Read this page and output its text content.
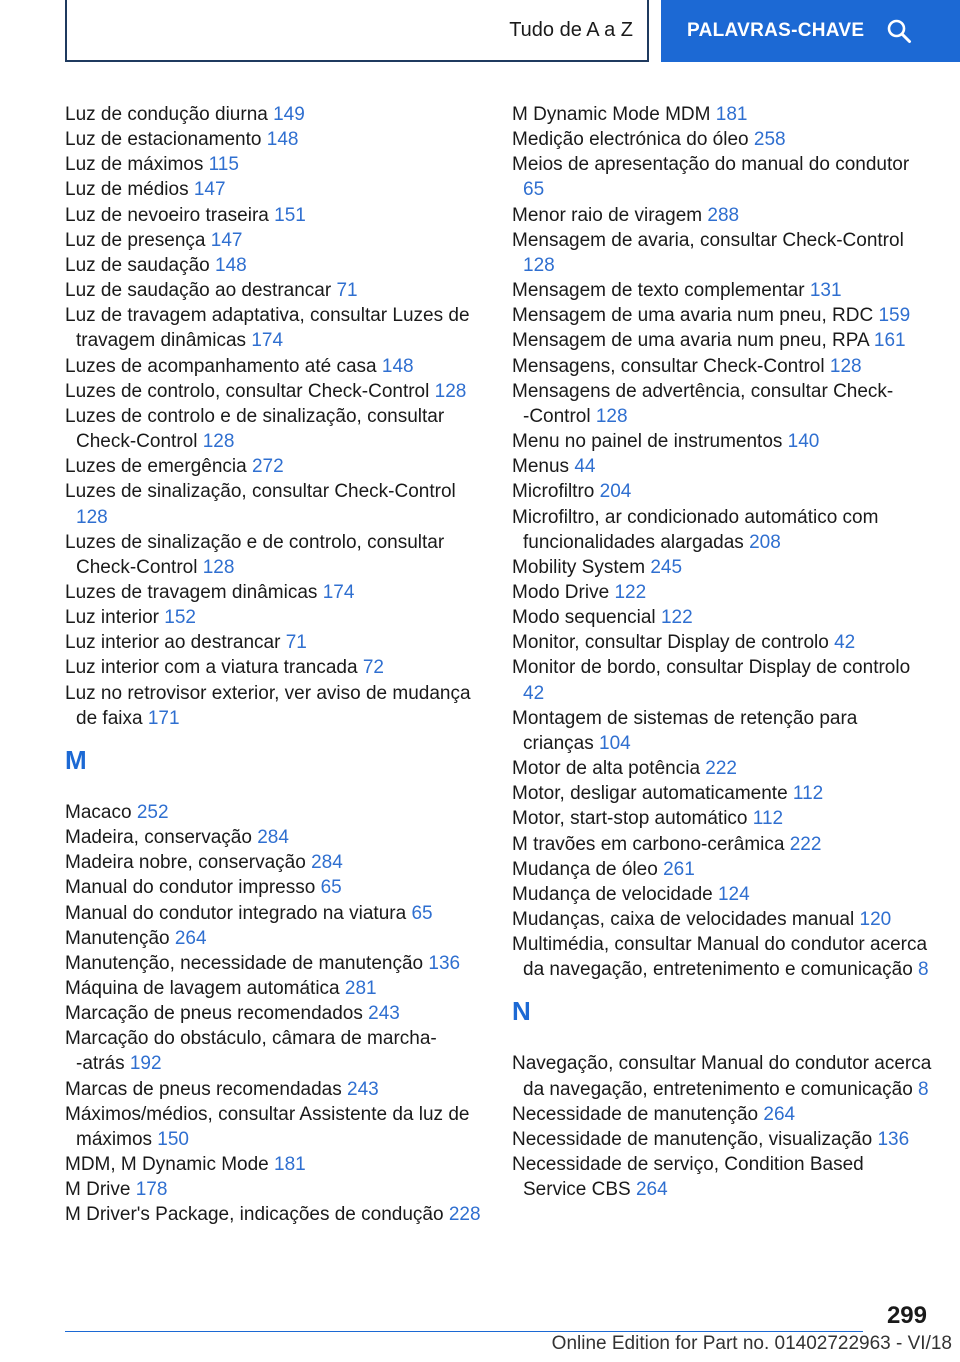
Tudo de A a Z	PALAVRAS-CHAVE
Luz de condução diurna 149
Luz de estacionamento 148
Luz de máximos 115
Luz de médios 147
Luz de nevoeiro traseira 151
Luz de presença 147
Luz de saudação 148
Luz de saudação ao destrancar 71
Luz de travagem adaptativa, consultar Luzes de travagem dinâmicas 174
Luzes de acompanhamento até casa 148
Luzes de controlo, consultar Check-Control 128
Luzes de controlo e de sinalização, consultar Check-Control 128
Luzes de emergência 272
Luzes de sinalização, consultar Check-Control 128
Luzes de sinalização e de controlo, consultar Check-Control 128
Luzes de travagem dinâmicas 174
Luz interior 152
Luz interior ao destrancar 71
Luz interior com a viatura trancada 72
Luz no retrovisor exterior, ver aviso de mudança de faixa 171
M
Macaco 252
Madeira, conservação 284
Madeira nobre, conservação 284
Manual do condutor impresso 65
Manual do condutor integrado na viatura 65
Manutenção 264
Manutenção, necessidade de manutenção 136
Máquina de lavagem automática 281
Marcação de pneus recomendados 243
Marcação do obstáculo, câmara de marcha-‑atrás 192
Marcas de pneus recomendadas 243
Máximos/médios, consultar Assistente da luz de máximos 150
MDM, M Dynamic Mode 181
M Drive 178
M Driver's Package, indicações de condução 228
M Dynamic Mode MDM 181
Medição electrónica do óleo 258
Meios de apresentação do manual do condutor 65
Menor raio de viragem 288
Mensagem de avaria, consultar Check-Control 128
Mensagem de texto complementar 131
Mensagem de uma avaria num pneu, RDC 159
Mensagem de uma avaria num pneu, RPA 161
Mensagens, consultar Check-Control 128
Mensagens de advertência, consultar Check-‑Control 128
Menu no painel de instrumentos 140
Menus 44
Microfiltro 204
Microfiltro, ar condicionado automático com funcionalidades alargadas 208
Mobility System 245
Modo Drive 122
Modo sequencial 122
Monitor, consultar Display de controlo 42
Monitor de bordo, consultar Display de controlo 42
Montagem de sistemas de retenção para crianças 104
Motor de alta potência 222
Motor, desligar automaticamente 112
Motor, start-stop automático 112
M travões em carbono-cerâmica 222
Mudança de óleo 261
Mudança de velocidade 124
Mudanças, caixa de velocidades manual 120
Multimédia, consultar Manual do condutor acerca da navegação, entretenimento e comunicação 8
N
Navegação, consultar Manual do condutor acerca da navegação, entretenimento e comunicação 8
Necessidade de manutenção 264
Necessidade de manutenção, visualização 136
Necessidade de serviço, Condition Based Service CBS 264
299
Online Edition for Part no. 01402722963 - VI/18
